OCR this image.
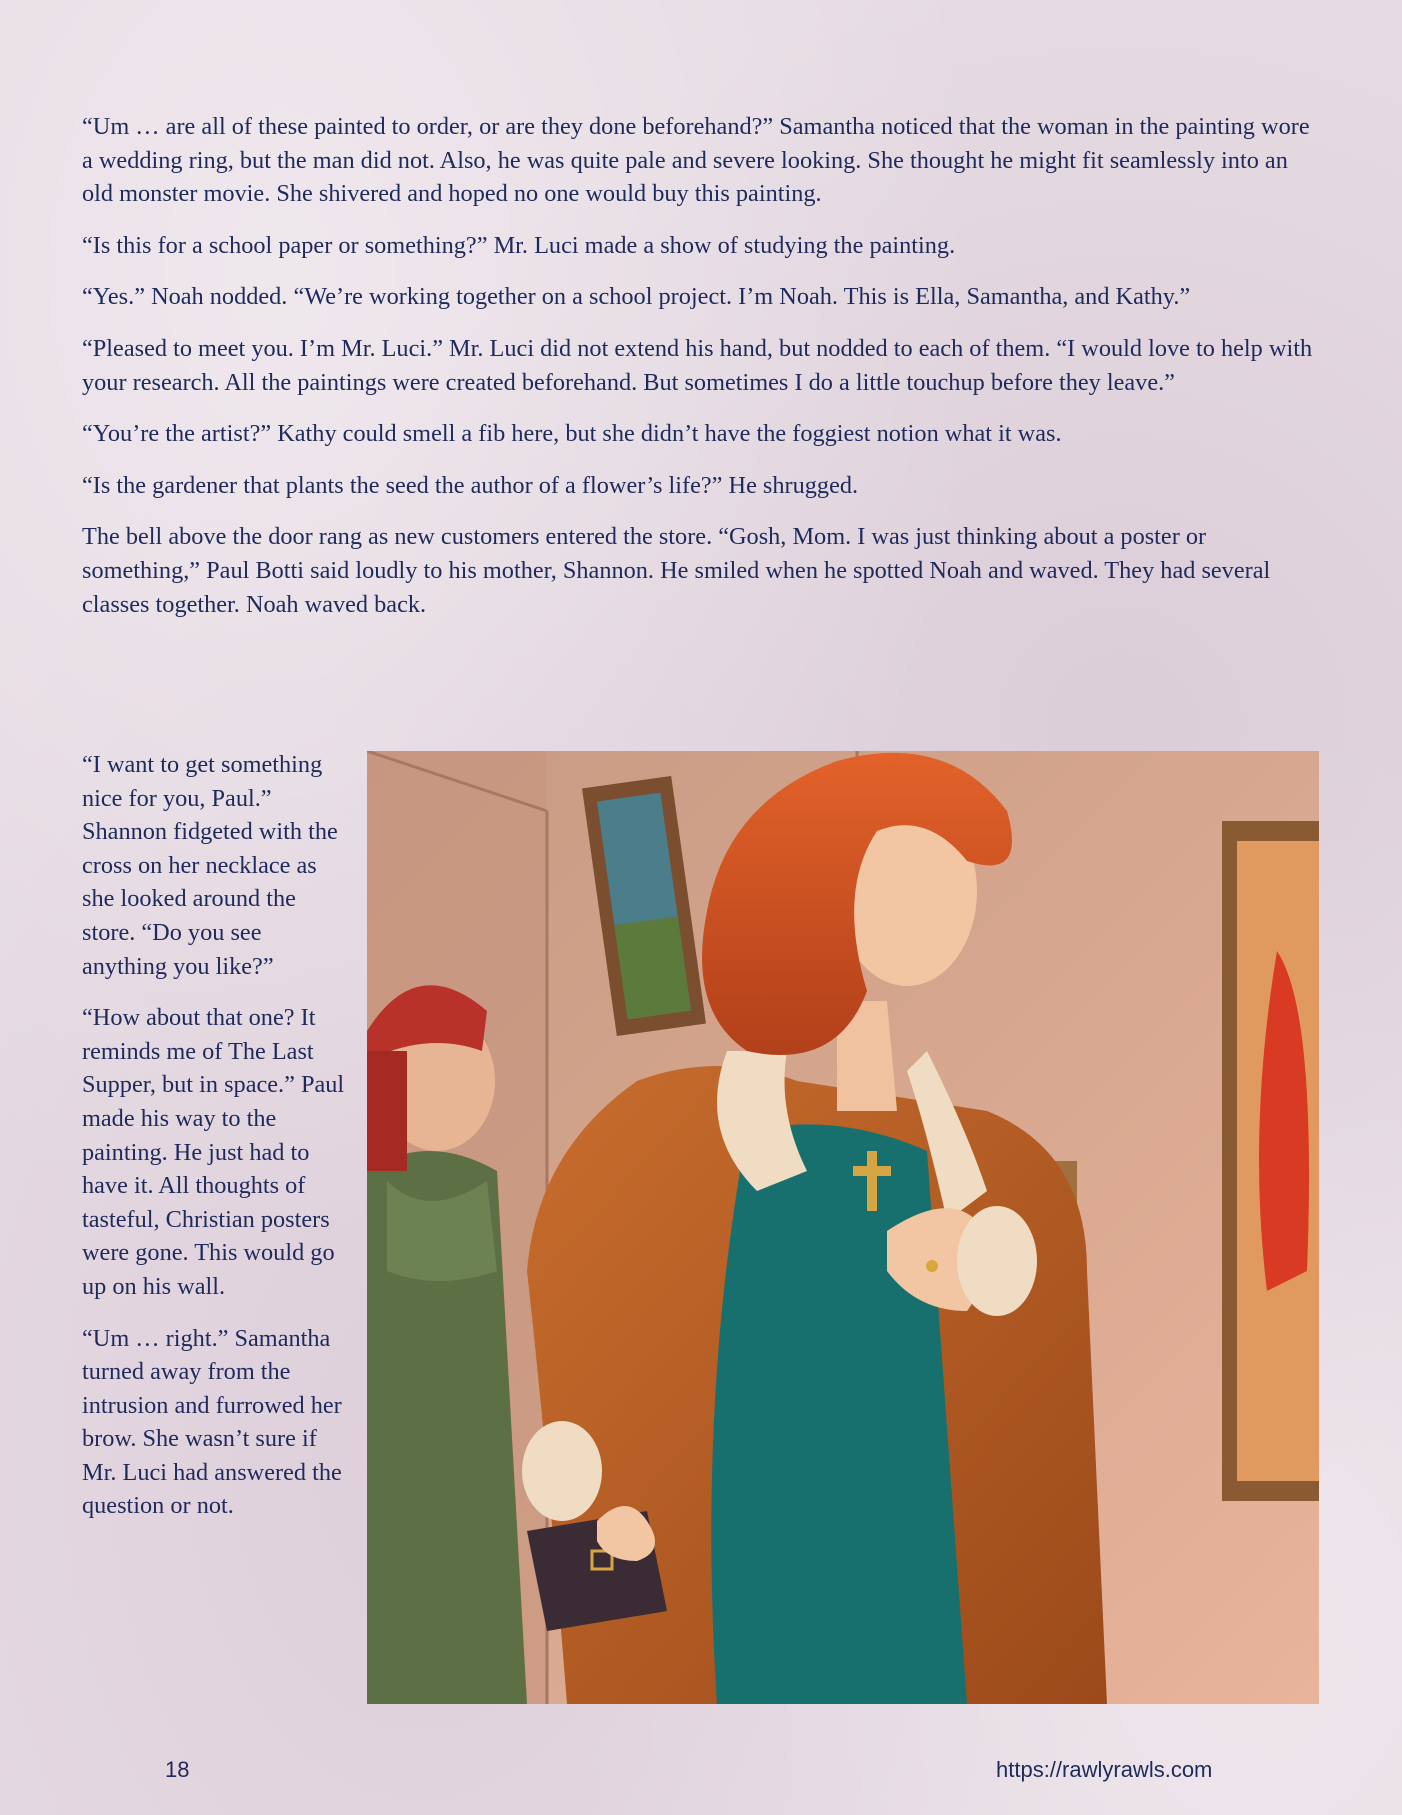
“Um … are all of these painted to order, or are they done beforehand?” Samantha noticed that the woman in the painting wore a wedding ring, but the man did not. Also, he was quite pale and severe looking. She thought he might fit seamlessly into an old monster movie. She shivered and hoped no one would buy this painting.

“Is this for a school paper or something?” Mr. Luci made a show of studying the painting.

“Yes.” Noah nodded. “We’re working together on a school project. I’m Noah. This is Ella, Samantha, and Kathy.”

“Pleased to meet you. I’m Mr. Luci.” Mr. Luci did not extend his hand, but nodded to each of them. “I would love to help with your research. All the paintings were created beforehand. But sometimes I do a little touchup before they leave.”

“You’re the artist?” Kathy could smell a fib here, but she didn’t have the foggiest notion what it was.

“Is the gardener that plants the seed the author of a flower’s life?” He shrugged.

The bell above the door rang as new customers entered the store. “Gosh, Mom. I was just thinking about a poster or something,” Paul Botti said loudly to his mother, Shannon. He smiled when he spotted Noah and waved. They had several classes together. Noah waved back.

“I want to get something nice for you, Paul.” Shannon fidgeted with the cross on her necklace as she looked around the store. “Do you see anything you like?”

“How about that one? It reminds me of The Last Supper, but in space.” Paul made his way to the painting. He just had to have it. All thoughts of tasteful, Christian posters were gone. This would go up on his wall.

“Um … right.” Samantha turned away from the intrusion and furrowed her brow. She wasn’t sure if Mr. Luci had answered the question or not.

18	https://rawlyrawls.com
